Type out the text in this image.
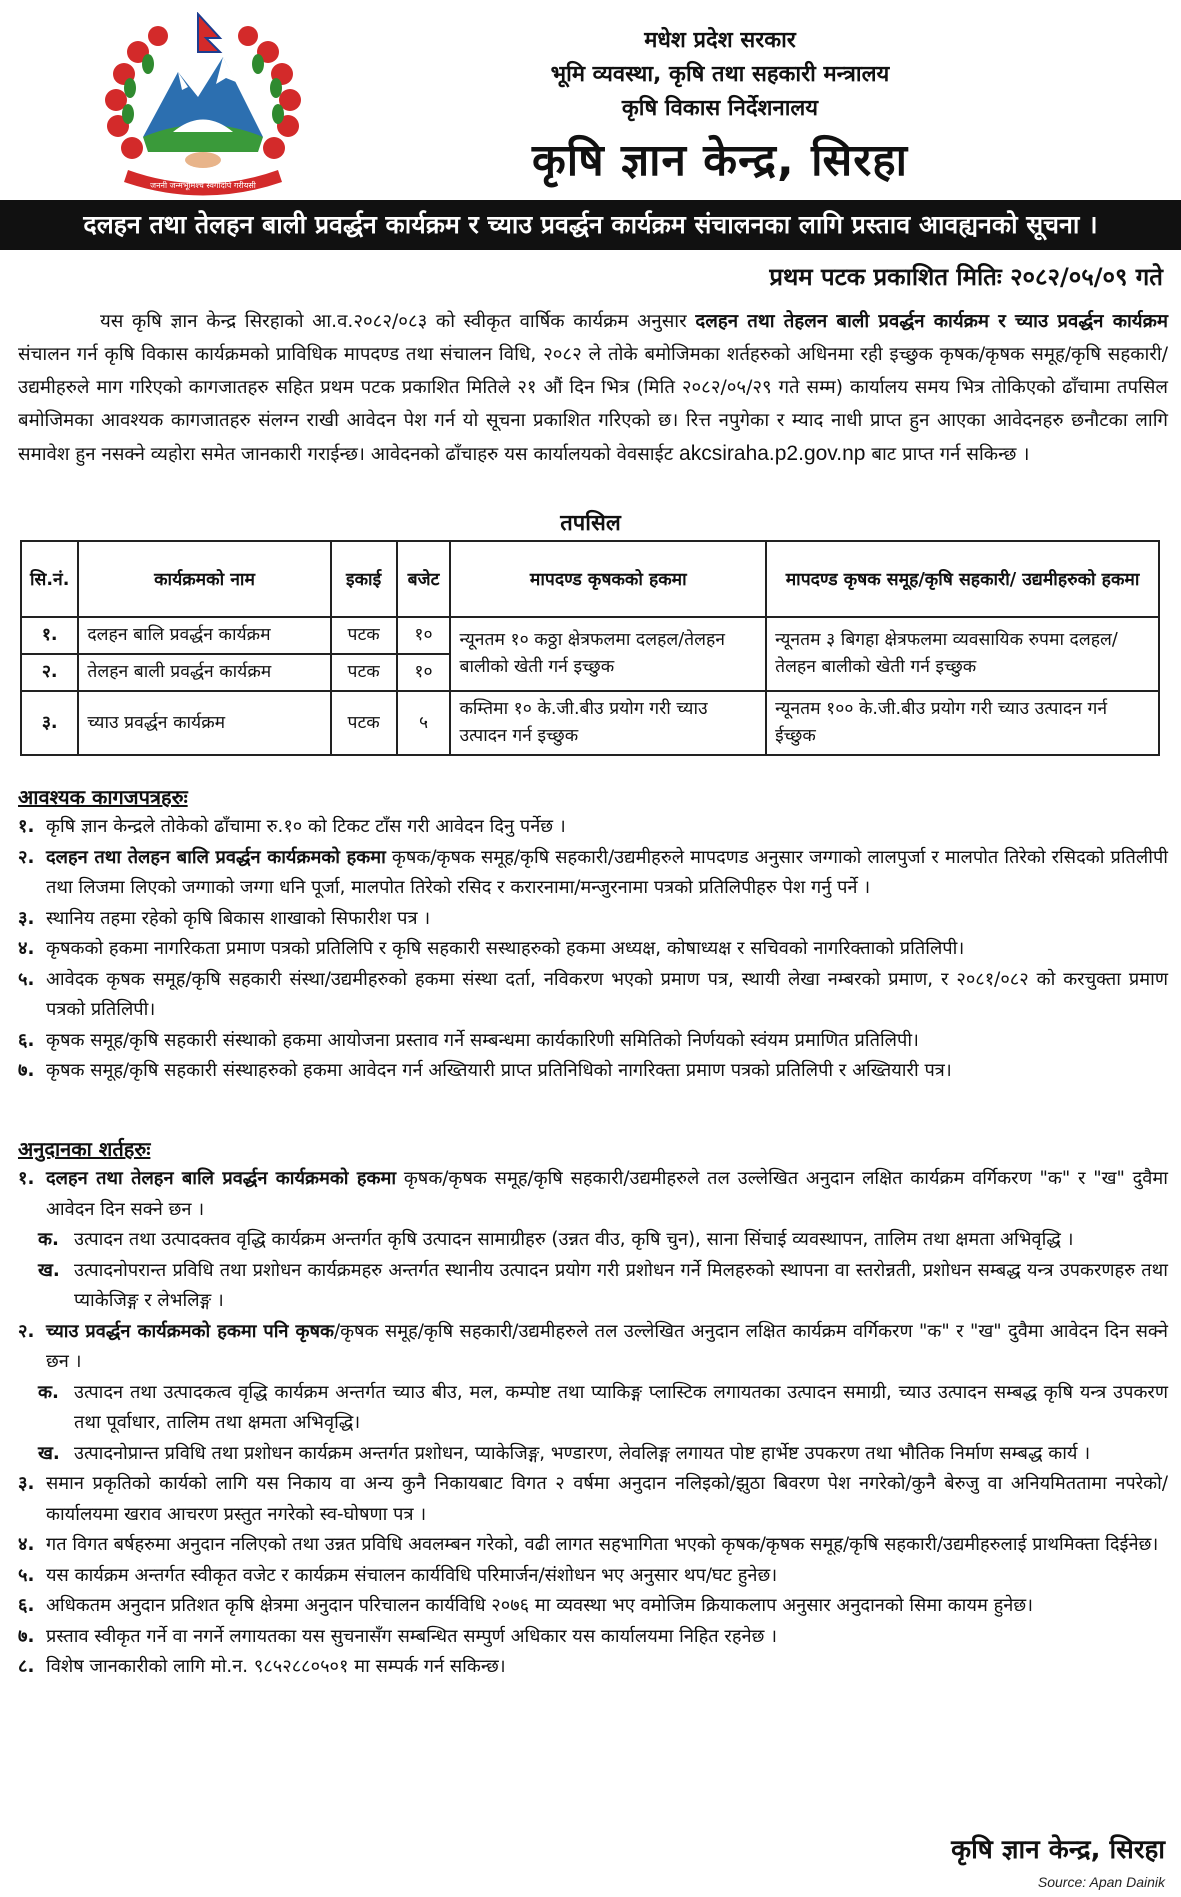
जननी जन्मभूमिश्च स्वर्गादपि गरीयसी
मधेश प्रदेश सरकार
भूमि व्यवस्था, कृषि तथा सहकारी मन्त्रालय
कृषि विकास निर्देशनालय
कृषि ज्ञान केन्द्र, सिरहा
दलहन तथा तेलहन बाली प्रवर्द्धन कार्यक्रम र च्याउ प्रवर्द्धन कार्यक्रम संचालनका लागि प्रस्ताव आवह्यनको सूचना ।
प्रथम पटक प्रकाशित मितिः २०८२/०५/०९ गते
यस कृषि ज्ञान केन्द्र सिरहाको आ.व.२०८२/०८३ को स्वीकृत वार्षिक कार्यक्रम अनुसार दलहन तथा तेहलन बाली प्रवर्द्धन कार्यक्रम र च्याउ प्रवर्द्धन कार्यक्रम संचालन गर्न कृषि विकास कार्यक्रमको प्राविधिक मापदण्ड तथा संचालन विधि, २०८२ ले तोके बमोजिमका शर्तहरुको अधिनमा रही इच्छुक कृषक/कृषक समूह/कृषि सहकारी/उद्यमीहरुले माग गरिएको कागजातहरु सहित प्रथम पटक प्रकाशित मितिले २१ औं दिन भित्र (मिति २०८२/०५/२९ गते सम्म) कार्यालय समय भित्र तोकिएको ढाँचामा तपसिल बमोजिमका आवश्यक कागजातहरु संलग्न राखी आवेदन पेश गर्न यो सूचना प्रकाशित गरिएको छ। रित्त नपुगेका र म्याद नाधी प्राप्त हुन आएका आवेदनहरु छनौटका लागि समावेश हुन नसक्ने व्यहोरा समेत जानकारी गराईन्छ। आवेदनको ढाँचाहरु यस कार्यालयको वेवसाईट akcsiraha.p2.gov.np बाट प्राप्त गर्न सकिन्छ ।
तपसिल
सि.नं.	कार्यक्रमको नाम	इकाई	बजेट	मापदण्ड कृषकको हकमा	मापदण्ड कृषक समूह/कृषि सहकारी/ उद्यमीहरुको हकमा
१.	दलहन बालि प्रवर्द्धन कार्यक्रम	पटक	१०	न्यूनतम १० कठ्ठा क्षेत्रफलमा दलहल/तेलहन बालीको खेती गर्न इच्छुक	न्यूनतम ३ बिगहा क्षेत्रफलमा व्यवसायिक रुपमा दलहल/तेलहन बालीको खेती गर्न इच्छुक
२.	तेलहन बाली प्रवर्द्धन कार्यक्रम	पटक	१०		
३.	च्याउ प्रवर्द्धन कार्यक्रम	पटक	५	कम्तिमा १० के.जी.बीउ प्रयोग गरी च्याउ उत्पादन गर्न इच्छुक	न्यूनतम १०० के.जी.बीउ प्रयोग गरी च्याउ उत्पादन गर्न ईच्छुक
आवश्यक कागजपत्रहरुः
१. कृषि ज्ञान केन्द्रले तोकेको ढाँचामा रु.१० को टिकट टाँस गरी आवेदन दिनु पर्नेछ ।
२. दलहन तथा तेलहन बालि प्रवर्द्धन कार्यक्रमको हकमा कृषक/कृषक समूह/कृषि सहकारी/उद्यमीहरुले मापदणड अनुसार जग्गाको लालपुर्जा र मालपोत तिरेको रसिदको प्रतिलीपी तथा लिजमा लिएको जग्गाको जग्गा धनि पूर्जा, मालपोत तिरेको रसिद र करारनामा/मन्जुरनामा पत्रको प्रतिलिपीहरु पेश गर्नु पर्ने ।
३. स्थानिय तहमा रहेको कृषि बिकास शाखाको सिफारीश पत्र ।
४. कृषकको हकमा नागरिकता प्रमाण पत्रको प्रतिलिपि र कृषि सहकारी सस्थाहरुको हकमा अध्यक्ष, कोषाध्यक्ष र सचिवको नागरिक्ताको प्रतिलिपी।
५. आवेदक कृषक समूह/कृषि सहकारी संस्था/उद्यमीहरुको हकमा संस्था दर्ता, नविकरण भएको प्रमाण पत्र, स्थायी लेखा नम्बरको प्रमाण, र २०८१/०८२ को करचुक्ता प्रमाण पत्रको प्रतिलिपी।
६. कृषक समूह/कृषि सहकारी संस्थाको हकमा आयोजना प्रस्ताव गर्ने सम्बन्धमा कार्यकारिणी समितिको निर्णयको स्वंयम प्रमाणित प्रतिलिपी।
७. कृषक समूह/कृषि सहकारी संस्थाहरुको हकमा आवेदन गर्न अख्तियारी प्राप्त प्रतिनिधिको नागरिक्ता प्रमाण पत्रको प्रतिलिपी र अख्तियारी पत्र।
अनुदानका शर्तहरुः
१. दलहन तथा तेलहन बालि प्रवर्द्धन कार्यक्रमको हकमा कृषक/कृषक समूह/कृषि सहकारी/उद्यमीहरुले तल उल्लेखित अनुदान लक्षित कार्यक्रम वर्गिकरण "क" र "ख" दुवैमा आवेदन दिन सक्ने छन ।
क. उत्पादन तथा उत्पादक्तव वृद्धि कार्यक्रम अन्तर्गत कृषि उत्पादन सामाग्रीहरु (उन्नत वीउ, कृषि चुन), साना सिंचाई व्यवस्थापन, तालिम तथा क्षमता अभिवृद्धि ।
ख. उत्पादनोपरान्त प्रविधि तथा प्रशोधन कार्यक्रमहरु अन्तर्गत स्थानीय उत्पादन प्रयोग गरी प्रशोधन गर्ने मिलहरुको स्थापना वा स्तरोन्नती, प्रशोधन सम्बद्ध यन्त्र उपकरणहरु तथा प्याकेजिङ्ग र लेभलिङ्ग ।
२. च्याउ प्रवर्द्धन कार्यक्रमको हकमा पनि कृषक/कृषक समूह/कृषि सहकारी/उद्यमीहरुले तल उल्लेखित अनुदान लक्षित कार्यक्रम वर्गिकरण "क" र "ख" दुवैमा आवेदन दिन सक्ने छन ।
क. उत्पादन तथा उत्पादकत्व वृद्धि कार्यक्रम अन्तर्गत च्याउ बीउ, मल, कम्पोष्ट तथा प्याकिङ्ग प्लास्टिक लगायतका उत्पादन समाग्री, च्याउ उत्पादन सम्बद्ध कृषि यन्त्र उपकरण तथा पूर्वाधार, तालिम तथा क्षमता अभिवृद्धि।
ख. उत्पादनोप्रान्त प्रविधि तथा प्रशोधन कार्यक्रम अन्तर्गत प्रशोधन, प्याकेजिङ्ग, भण्डारण, लेवलिङ्ग लगायत पोष्ट हार्भेष्ट उपकरण तथा भौतिक निर्माण सम्बद्ध कार्य ।
३. समान प्रकृतिको कार्यको लागि यस निकाय वा अन्य कुनै निकायबाट विगत २ वर्षमा अनुदान नलिइको/झुठा बिवरण पेश नगरेको/कुनै बेरुजु वा अनियमिततामा नपरेको/कार्यालयमा खराव आचरण प्रस्तुत नगरेको स्व-घोषणा पत्र ।
४. गत विगत बर्षहरुमा अनुदान नलिएको तथा उन्नत प्रविधि अवलम्बन गरेको, वढी लागत सहभागिता भएको कृषक/कृषक समूह/कृषि सहकारी/उद्यमीहरुलाई प्राथमिक्ता दिईनेछ।
५. यस कार्यक्रम अन्तर्गत स्वीकृत वजेट र कार्यक्रम संचालन कार्यविधि परिमार्जन/संशोधन भए अनुसार थप/घट हुनेछ।
६. अधिकतम अनुदान प्रतिशत कृषि क्षेत्रमा अनुदान परिचालन कार्यविधि २०७६ मा व्यवस्था भए वमोजिम क्रियाकलाप अनुसार अनुदानको सिमा कायम हुनेछ।
७. प्रस्ताव स्वीकृत गर्ने वा नगर्ने लगायतका यस सुचनासँग सम्बन्धित सम्पुर्ण अधिकार यस कार्यालयमा निहित रहनेछ ।
८. विशेष जानकारीको लागि मो.न. ९८५२८८०५०१ मा सम्पर्क गर्न सकिन्छ।
कृषि ज्ञान केन्द्र, सिरहा
Source: Apan Dainik
